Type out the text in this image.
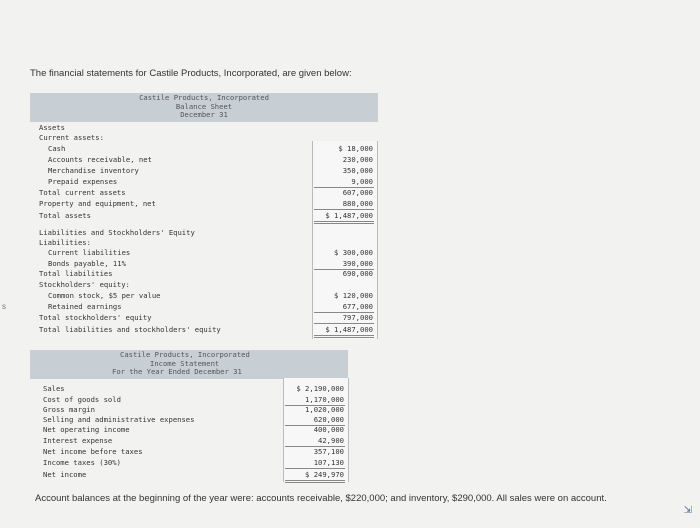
The financial statements for Castile Products, Incorporated, are given below:
s
Castile Products, Incorporated
Balance Sheet
December 31
Assets
Current assets:
Cash	$ 18,000
Accounts receivable, net	230,000
Merchandise inventory	350,000
Prepaid expenses	9,000
Total current assets	607,000
Property and equipment, net	880,000
Total assets	$ 1,487,000
Liabilities and Stockholders' Equity
Liabilities:
Current liabilities	$ 300,000
Bonds payable, 11%	390,000
Total liabilities	690,000
Stockholders' equity:
Common stock, $5 per value	$ 120,000
Retained earnings	677,000
Total stockholders' equity	797,000
Total liabilities and stockholders' equity	$ 1,487,000
Castile Products, Incorporated
Income Statement
For the Year Ended December 31
Sales	$ 2,190,000
Cost of goods sold	1,170,000
Gross margin	1,020,000
Selling and administrative expenses	620,000
Net operating income	400,000
Interest expense	42,900
Net income before taxes	357,100
Income taxes (30%)	107,130
Net income	$ 249,970
Account balances at the beginning of the year were: accounts receivable, $220,000; and inventory, $290,000. All sales were on account.
⇲
